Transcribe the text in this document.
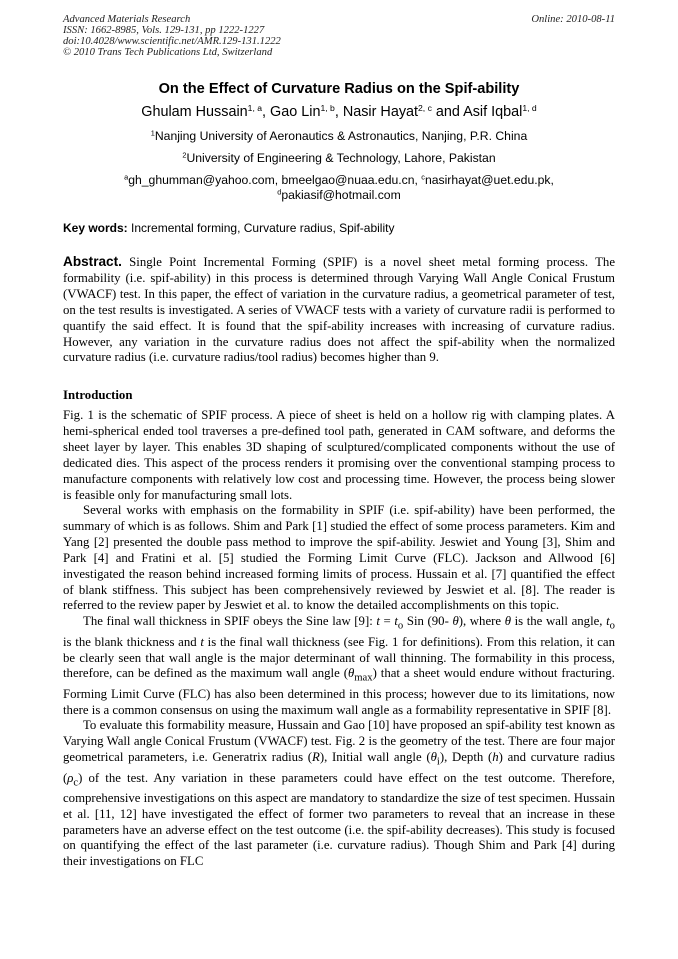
Advanced Materials Research
ISSN: 1662-8985, Vols. 129-131, pp 1222-1227
doi:10.4028/www.scientific.net/AMR.129-131.1222
© 2010 Trans Tech Publications Ltd, Switzerland
Online: 2010-08-11
On the Effect of Curvature Radius on the Spif-ability
Ghulam Hussain$^{1, a}$, Gao Lin$^{1, b}$, Nasir Hayat$^{2, c}$ and Asif Iqbal$^{1, d}$
$^1$Nanjing University of Aeronautics & Astronautics, Nanjing, P.R. China
$^2$University of Engineering & Technology, Lahore, Pakistan
$^a$gh_ghumman@yahoo.com, bmeelgao@nuaa.edu.cn, $^c$nasirhayat@uet.edu.pk,
$^d$pakiasif@hotmail.com
Key words: Incremental forming, Curvature radius, Spif-ability
Abstract. Single Point Incremental Forming (SPIF) is a novel sheet metal forming process. The formability (i.e. spif-ability) in this process is determined through Varying Wall Angle Conical Frustum (VWACF) test. In this paper, the effect of variation in the curvature radius, a geometrical parameter of test, on the test results is investigated. A series of VWACF tests with a variety of curvature radii is performed to quantify the said effect. It is found that the spif-ability increases with increasing of curvature radius. However, any variation in the curvature radius does not affect the spif-ability when the normalized curvature radius (i.e. curvature radius/tool radius) becomes higher than 9.
Introduction

Fig. 1 is the schematic of SPIF process. A piece of sheet is held on a hollow rig with clamping plates. A hemi-spherical ended tool traverses a pre-defined tool path, generated in CAM software, and deforms the sheet layer by layer. This enables 3D shaping of sculptured/complicated components without the use of dedicated dies. This aspect of the process renders it promising over the conventional stamping process to manufacture components with relatively low cost and processing time. However, the process being slower is feasible only for manufacturing small lots.

Several works with emphasis on the formability in SPIF (i.e. spif-ability) have been performed, the summary of which is as follows. Shim and Park [1] studied the effect of some process parameters. Kim and Yang [2] presented the double pass method to improve the spif-ability. Jeswiet and Young [3], Shim and Park [4] and Fratini et al. [5] studied the Forming Limit Curve (FLC). Jackson and Allwood [6] investigated the reason behind increased forming limits of process. Hussain et al. [7] quantified the effect of blank stiffness. This subject has been comprehensively reviewed by Jeswiet et al. [8]. The reader is referred to the review paper by Jeswiet et al. to know the detailed accomplishments on this topic.

The final wall thickness in SPIF obeys the Sine law [9]: $t = t_o$ Sin (90- θ), where θ is the wall angle, $t_o$ is the blank thickness and t is the final wall thickness (see Fig. 1 for definitions). From this relation, it can be clearly seen that wall angle is the major determinant of wall thinning. The formability in this process, therefore, can be defined as the maximum wall angle $(\theta_{max})$ that a sheet would endure without fracturing. Forming Limit Curve (FLC) has also been determined in this process; however due to its limitations, now there is a common consensus on using the maximum wall angle as a formability representative in SPIF [8].

To evaluate this formability measure, Hussain and Gao [10] have proposed an spif-ability test known as Varying Wall angle Conical Frustum (VWACF) test. Fig. 2 is the geometry of the test. There are four major geometrical parameters, i.e. Generatrix radius (R), Initial wall angle $(\theta_i)$, Depth (h) and curvature radius $(\rho_c)$ of the test. Any variation in these parameters could have effect on the test outcome. Therefore, comprehensive investigations on this aspect are mandatory to standardize the size of test specimen. Hussain et al. [11, 12] have investigated the effect of former two parameters to reveal that an increase in these parameters have an adverse effect on the test outcome (i.e. the spif-ability decreases). This study is focused on quantifying the effect of the last parameter (i.e. curvature radius). Though Shim and Park [4] during their investigations on FLC
